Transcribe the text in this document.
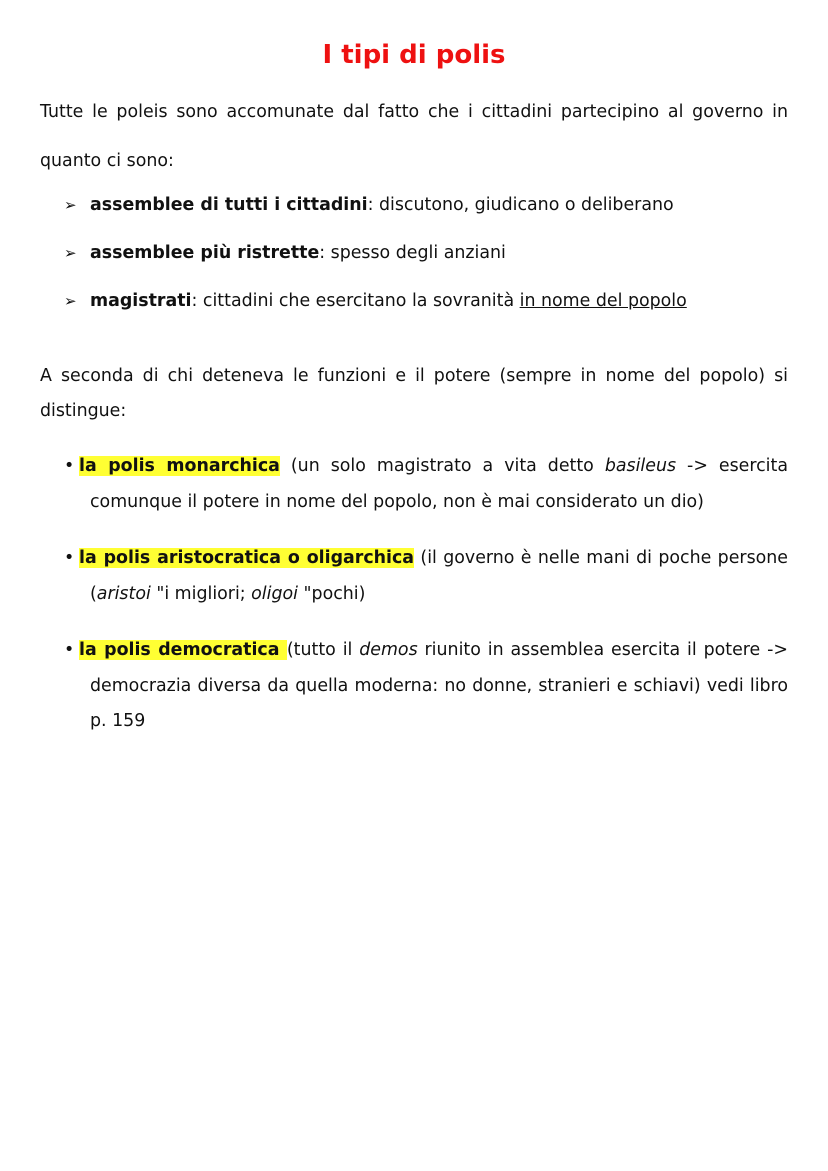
I tipi di polis
Tutte le poleis sono accomunate dal fatto che i cittadini partecipino al governo in quanto ci sono:
➢ assemblee di tutti i cittadini: discutono, giudicano o deliberano
➢ assemblee più ristrette: spesso degli anziani
➢ magistrati: cittadini che esercitano la sovranità in nome del popolo
A seconda di chi deteneva le funzioni e il potere (sempre in nome del popolo) si distingue:
• la polis monarchica (un solo magistrato a vita detto basileus -> esercita comunque il potere in nome del popolo, non è mai considerato un dio)
• la polis aristocratica o oligarchica (il governo è nelle mani di poche persone (aristoi "i migliori; oligoi "pochi)
• la polis democratica (tutto il demos riunito in assemblea esercita il potere -> democrazia diversa da quella moderna: no donne, stranieri e schiavi) vedi libro p. 159
